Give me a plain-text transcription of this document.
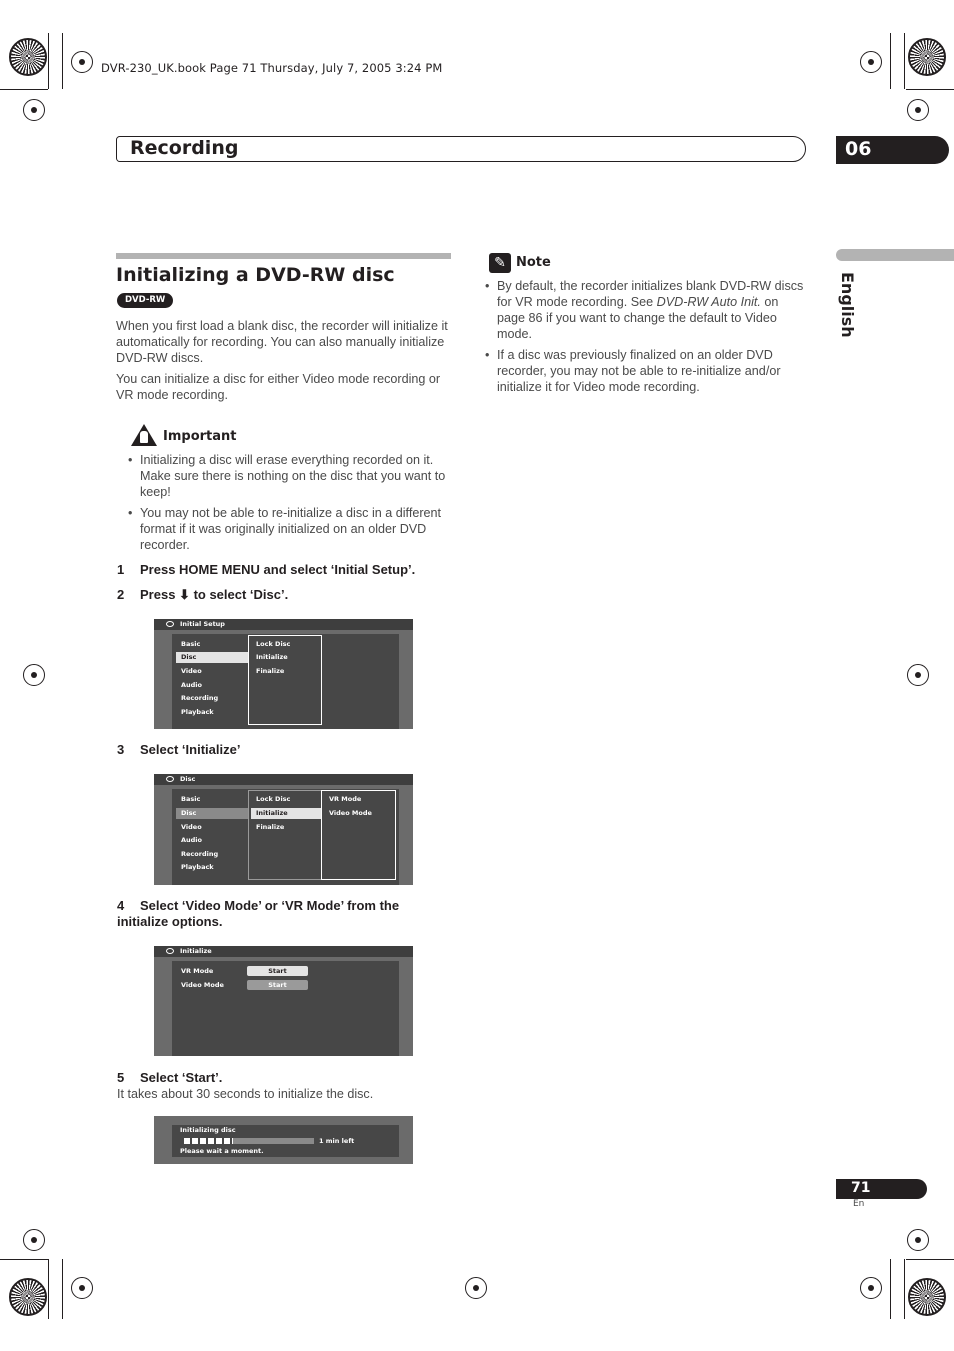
DVR-230_UK.book Page 71 Thursday, July 7, 2005 3:24 PM
Recording	06
English
Initializing a DVD-RW disc
DVD-RW
When you first load a blank disc, the recorder will initialize it automatically for recording. You can also manually initialize DVD-RW discs.
You can initialize a disc for either Video mode recording or VR mode recording.
Important
• Initializing a disc will erase everything recorded on it. Make sure there is nothing on the disc that you want to keep!
• You may not be able to re-initialize a disc in a different format if it was originally initialized on an older DVD recorder.
1 Press HOME MENU and select ‘Initial Setup’.
2 Press ⬇ to select ‘Disc’.
Initial Setup
Basic
Disc
Video
Audio
Recording
Playback
Lock Disc
Initialize
Finalize
3 Select ‘Initialize’
Disc
Basic
Disc
Video
Audio
Recording
Playback
Lock Disc
Initialize
Finalize
VR Mode
Video Mode
4 Select ‘Video Mode’ or ‘VR Mode’ from the initialize options.
Initialize
VR Mode	Start
Video Mode	Start
5 Select ‘Start’.
It takes about 30 seconds to initialize the disc.
Initializing disc
1 min left
Please wait a moment.
✎ Note
• By default, the recorder initializes blank DVD-RW discs for VR mode recording. See DVD-RW Auto Init. on page 86 if you want to change the default to Video mode.
• If a disc was previously finalized on an older DVD recorder, you may not be able to re-initialize and/or initialize it for Video mode recording.
71
En
